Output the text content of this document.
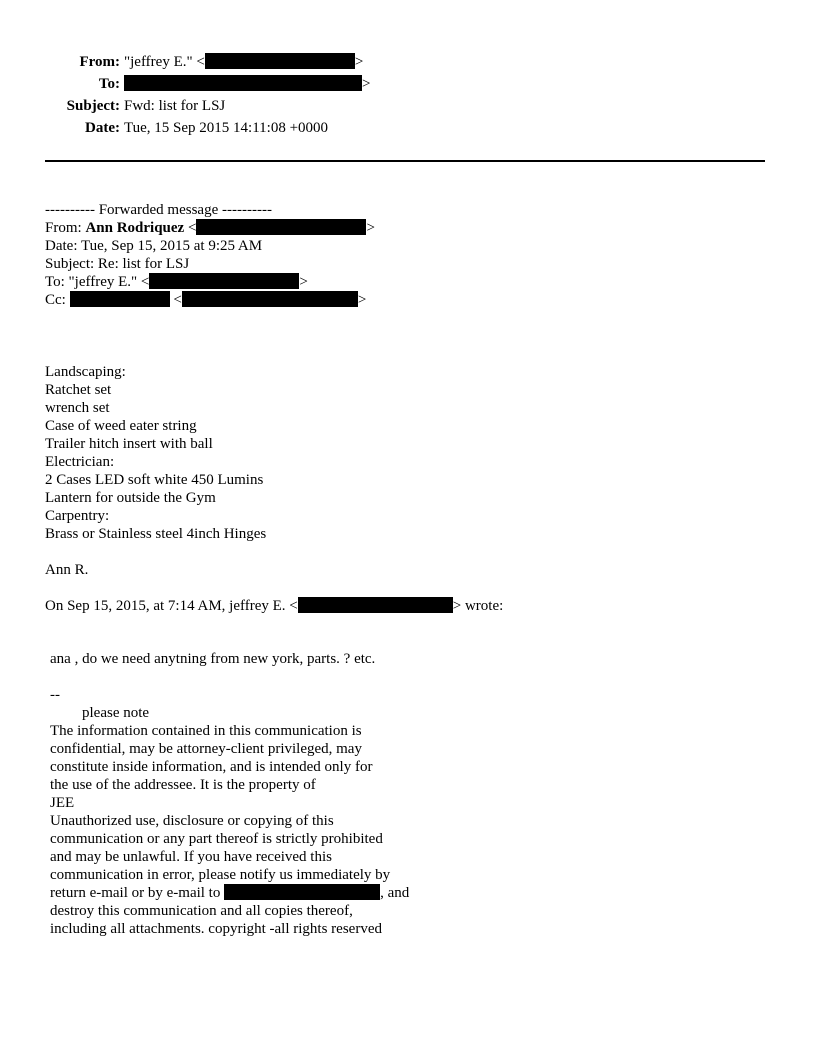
From: "jeffrey E." <	>
To:	>
Subject: Fwd: list for LSJ
Date: Tue, 15 Sep 2015 14:11:08 +0000
---------- Forwarded message ----------
From: Ann Rodriquez <	>
Date: Tue, Sep 15, 2015 at 9:25 AM
Subject: Re: list for LSJ
To: "jeffrey E." <	>
Cc:	<	>
Landscaping:
Ratchet set
wrench set
Case of weed eater string
Trailer hitch insert with ball
Electrician:
2 Cases LED soft white 450 Lumins
Lantern for outside the Gym
Carpentry:
Brass or Stainless steel 4inch Hinges
Ann R.
On Sep 15, 2015, at 7:14 AM, jeffrey E. <	> wrote:
ana , do we need anytning from new york, parts. ? etc.
--
please note
The information contained in this communication is
confidential, may be attorney-client privileged, may
constitute inside information, and is intended only for
the use of the addressee. It is the property of
JEE
Unauthorized use, disclosure or copying of this
communication or any part thereof is strictly prohibited
and may be unlawful. If you have received this
communication in error, please notify us immediately by
return e-mail or by e-mail to	, and
destroy this communication and all copies thereof,
including all attachments. copyright -all rights reserved
